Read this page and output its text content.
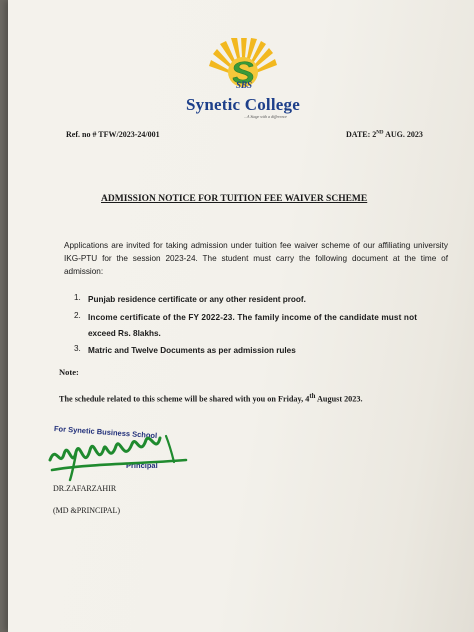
SBS
Synetic College
...A Stage with a difference
Ref. no # TFW/2023-24/001	DATE: 2ND AUG. 2023
ADMISSION NOTICE FOR TUITION FEE WAIVER SCHEME
Applications are invited for taking admission under tuition fee waiver scheme of our affiliating university IKG-PTU for the session 2023-24. The student must carry the following document at the time of admission:
1. Punjab residence certificate or any other resident proof.
2. Income certificate of the FY 2022-23. The family income of the candidate must not
exceed Rs. 8lakhs.
3. Matric and Twelve Documents as per admission rules
Note:
The schedule related to this scheme will be shared with you on Friday, 4th August 2023.
For Synetic Business School
Principal
DR.ZAFARZAHIR
(MD &PRINCIPAL)
